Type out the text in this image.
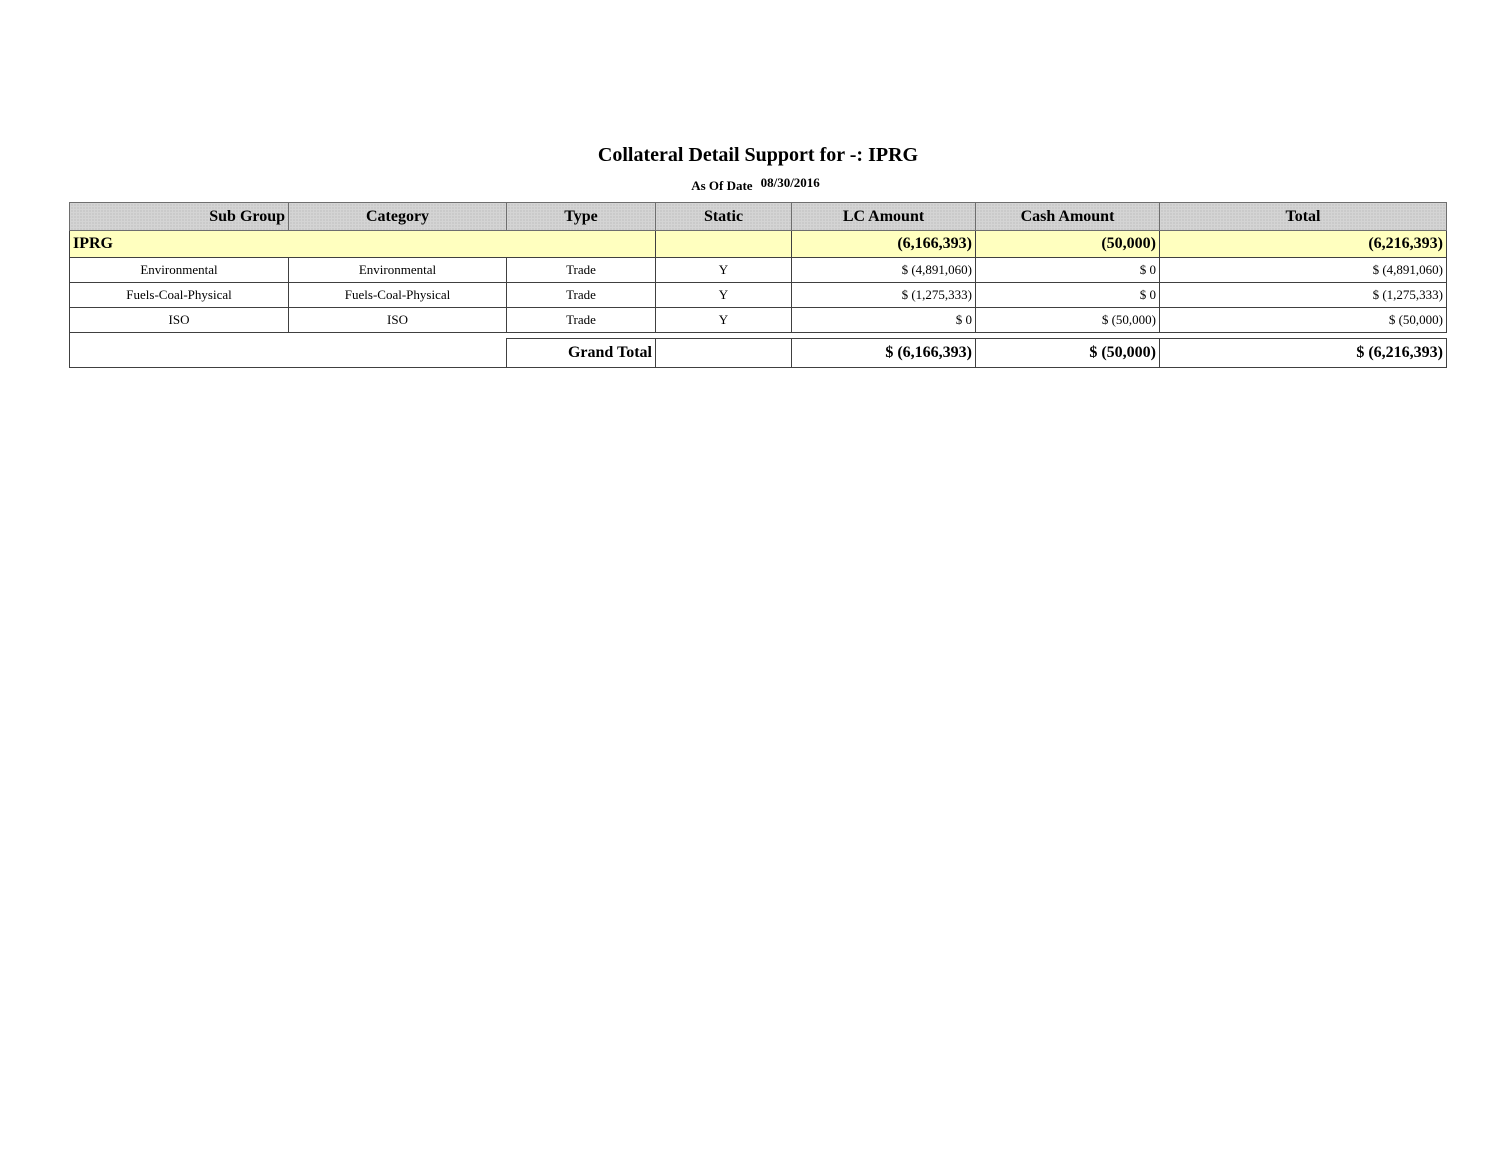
Collateral Detail Support for -: IPRG
As Of Date 08/30/2016
Sub Group	Category	Type	Static	LC Amount	Cash Amount	Total
IPRG				(6,166,393)	(50,000)	(6,216,393)
Environmental	Environmental	Trade	Y	$ (4,891,060)	$ 0	$ (4,891,060)
Fuels-Coal-Physical	Fuels-Coal-Physical	Trade	Y	$ (1,275,333)	$ 0	$ (1,275,333)
ISO	ISO	Trade	Y	$ 0	$ (50,000)	$ (50,000)

		Grand Total		$ (6,166,393)	$ (50,000)	$ (6,216,393)
